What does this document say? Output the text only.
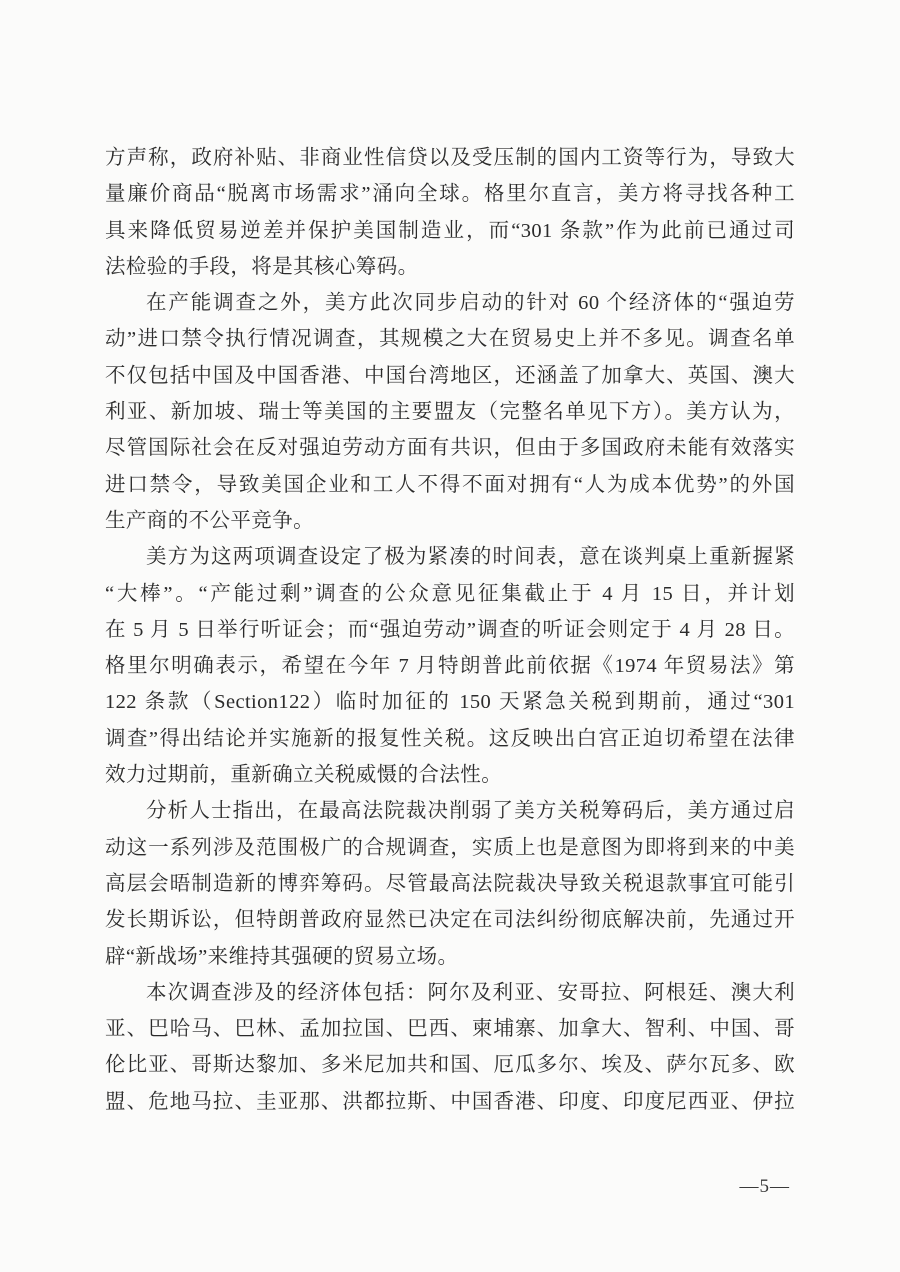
方声称，政府补贴、非商业性信贷以及受压制的国内工资等行为，导致大
量廉价商品“脱离市场需求”涌向全球。格里尔直言，美方将寻找各种工
具来降低贸易逆差并保护美国制造业，而“301 条款”作为此前已通过司
法检验的手段，将是其核心筹码。
在产能调查之外，美方此次同步启动的针对 60 个经济体的“强迫劳
动”进口禁令执行情况调查，其规模之大在贸易史上并不多见。调查名单
不仅包括中国及中国香港、中国台湾地区，还涵盖了加拿大、英国、澳大
利亚、新加坡、瑞士等美国的主要盟友（完整名单见下方）。美方认为，
尽管国际社会在反对强迫劳动方面有共识，但由于多国政府未能有效落实
进口禁令，导致美国企业和工人不得不面对拥有“人为成本优势”的外国
生产商的不公平竞争。
美方为这两项调查设定了极为紧凑的时间表，意在谈判桌上重新握紧
“大棒”。“产能过剩”调查的公众意见征集截止于 4 月 15 日，并计划
在 5 月 5 日举行听证会；而“强迫劳动”调查的听证会则定于 4 月 28 日。
格里尔明确表示，希望在今年 7 月特朗普此前依据《1974 年贸易法》第
122 条款（Section122）临时加征的 150 天紧急关税到期前，通过“301
调查”得出结论并实施新的报复性关税。这反映出白宫正迫切希望在法律
效力过期前，重新确立关税威慑的合法性。
分析人士指出，在最高法院裁决削弱了美方关税筹码后，美方通过启
动这一系列涉及范围极广的合规调查，实质上也是意图为即将到来的中美
高层会晤制造新的博弈筹码。尽管最高法院裁决导致关税退款事宜可能引
发长期诉讼，但特朗普政府显然已决定在司法纠纷彻底解决前，先通过开
辟“新战场”来维持其强硬的贸易立场。
本次调查涉及的经济体包括：阿尔及利亚、安哥拉、阿根廷、澳大利
亚、巴哈马、巴林、孟加拉国、巴西、柬埔寨、加拿大、智利、中国、哥
伦比亚、哥斯达黎加、多米尼加共和国、厄瓜多尔、埃及、萨尔瓦多、欧
盟、危地马拉、圭亚那、洪都拉斯、中国香港、印度、印度尼西亚、伊拉
—5—
